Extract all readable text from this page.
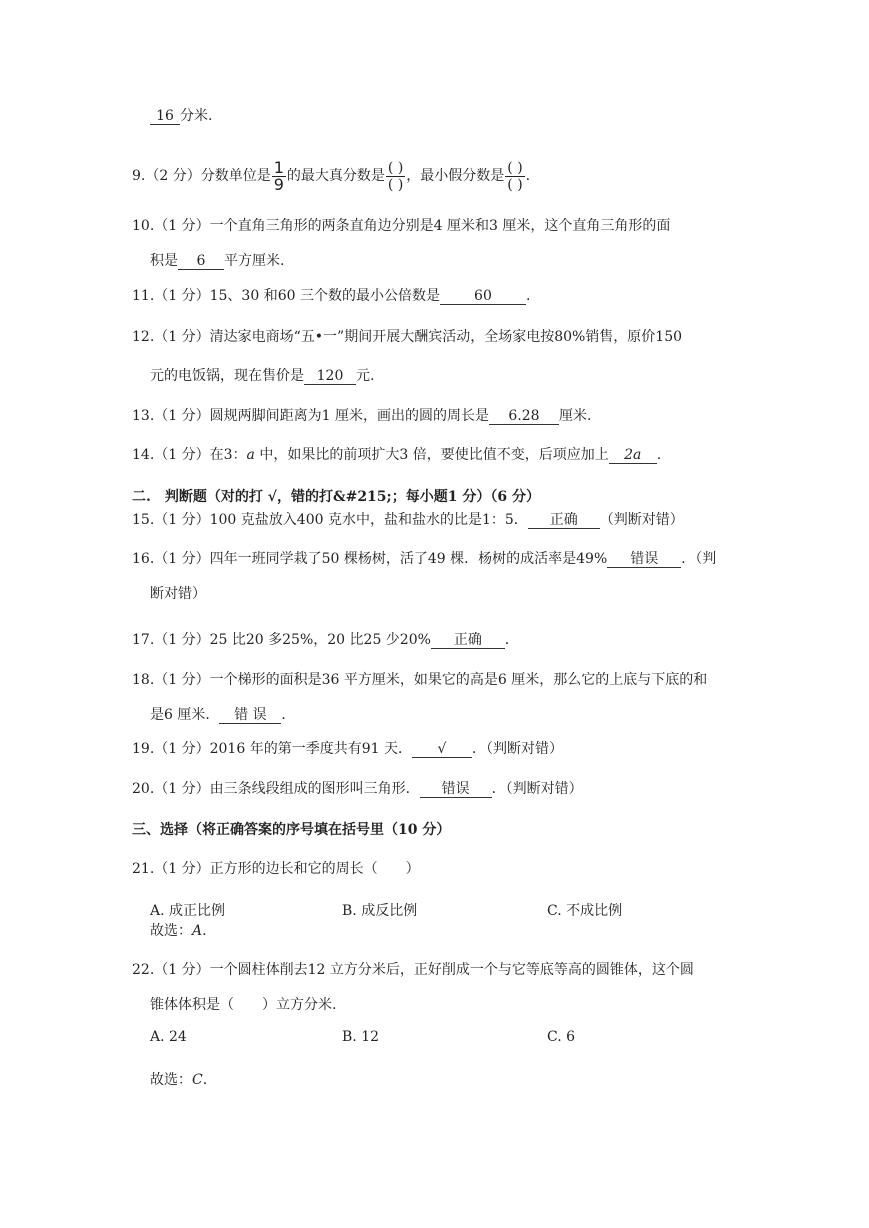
16 分米.
9.（2 分）分数单位是 $\frac{1}{9}$ 的最大真分数是 $\frac{( )}{( )}$ ，最小假分数是 $\frac{( )}{( )}$ .
10.（1 分）一个直角三角形的两条直角边分别是4 厘米和3 厘米，这个直角三角形的面
积是 6 平方厘米.
11.（1 分）15、30 和60 三个数的最小公倍数是 60 .
12.（1 分）清达家电商场“五•一”期间开展大酬宾活动，全场家电按80%销售，原价150
元的电饭锅，现在售价是 120 元.
13.（1 分）圆规两脚间距离为1 厘米，画出的圆的周长是 6.28 厘米.
14.（1 分）在3：a 中，如果比的前项扩大3 倍，要使比值不变，后项应加上 2a .
二.　判断题（对的打 √，错的打&#215;；每小题1 分）（6 分）
15.（1 分）100 克盐放入400 克水中，盐和盐水的比是1：5． 正确 （判断对错）
16.（1 分）四年一班同学栽了50 棵杨树，活了49 棵．杨树的成活率是49% 错误 ．（判
断对错）
17.（1 分）25 比20 多25%，20 比25 少20% 正确 ．
18.（1 分）一个梯形的面积是36 平方厘米，如果它的高是6 厘米，那么它的上底与下底的和
是6 厘米． 错 误 ．
19.（1 分）2016 年的第一季度共有91 天． √ ．（判断对错）
20.（1 分）由三条线段组成的图形叫三角形． 错误 ．（判断对错）
三、选择（将正确答案的序号填在括号里（10 分）
21.（1 分）正方形的边长和它的周长（　　）
A. 成正比例	B. 成反比例	C. 不成比例
故选：A.
22.（1 分）一个圆柱体削去12 立方分米后，正好削成一个与它等底等高的圆锥体，这个圆
锥体体积是（　　）立方分米.
A. 24	B. 12	C. 6
故选：C.
